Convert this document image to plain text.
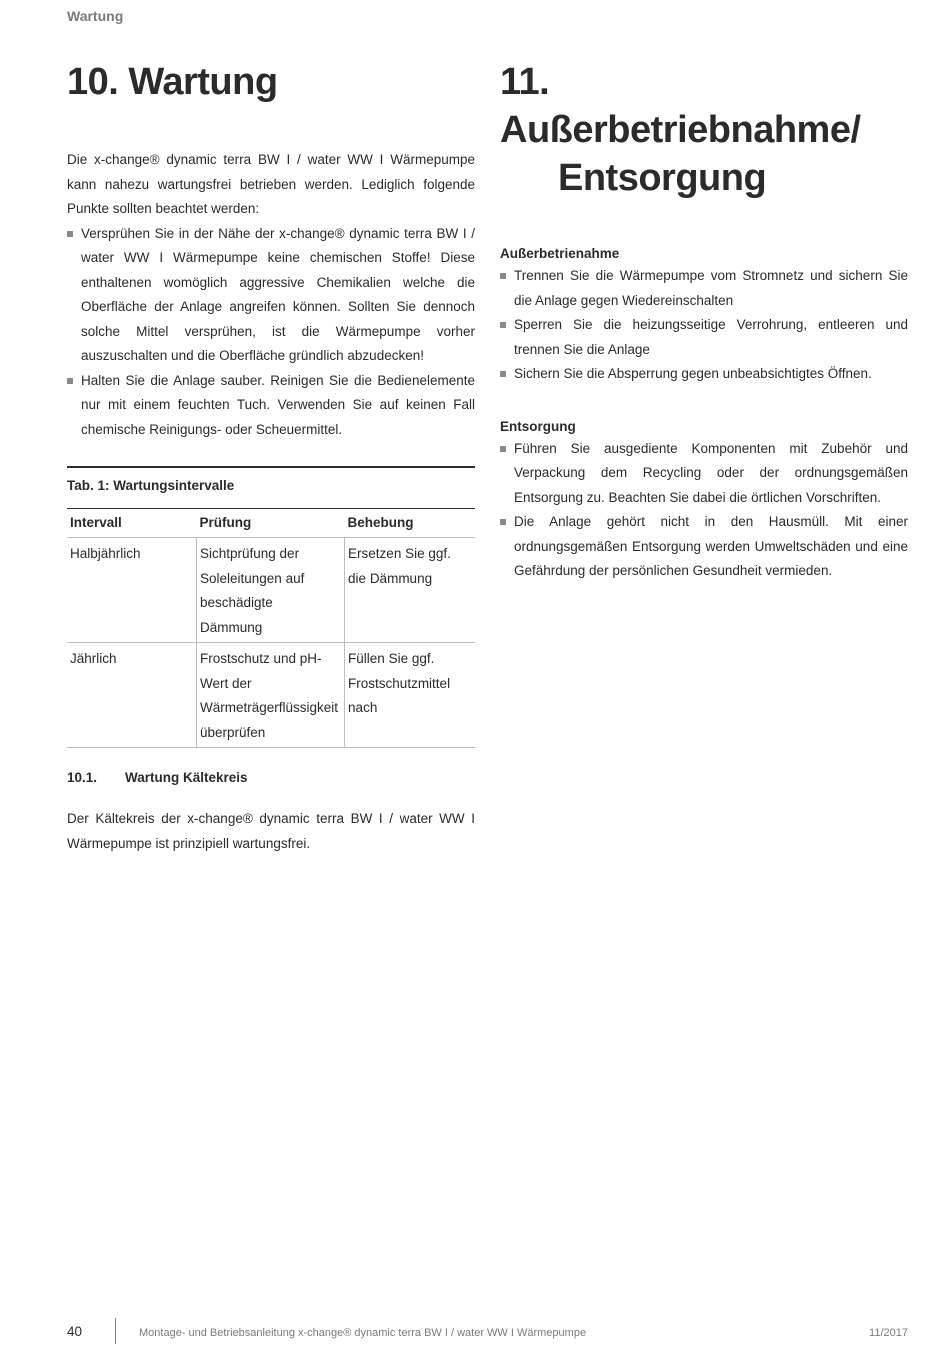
Wartung
10. Wartung

Die x-change® dynamic terra BW I / water WW I Wärmepumpe kann nahezu wartungsfrei betrieben werden. Lediglich folgende Punkte sollten beachtet werden:

Versprühen Sie in der Nähe der x-change® dynamic terra BW I / water WW I Wärmepumpe keine chemischen Stoffe! Diese enthaltenen womöglich aggressive Chemikalien welche die Oberfläche der Anlage angreifen können. Sollten Sie dennoch solche Mittel versprühen, ist die Wärmepumpe vorher auszuschalten und die Oberfläche gründlich abzudecken!
Halten Sie die Anlage sauber. Reinigen Sie die Bedienelemente nur mit einem feuchten Tuch. Verwenden Sie auf keinen Fall chemische Reinigungs- oder Scheuermittel.
Tab. 1: Wartungsintervalle
Intervall	Prüfung	Behebung
Halbjährlich	Sichtprüfung der Soleleitungen auf beschädigte Dämmung	Ersetzen Sie ggf. die Dämmung
Jährlich	Frostschutz und pH-Wert der Wärmeträgerflüssigkeit überprüfen	Füllen Sie ggf. Frostschutzmittel nach
10.1.	Wartung Kältekreis

Der Kältekreis der x-change® dynamic terra BW I / water WW I Wärmepumpe ist prinzipiell wartungsfrei.

11. Außerbetriebnahme/
Entsorgung
Außerbetrienahme
Trennen Sie die Wärmepumpe vom Stromnetz und sichern Sie die Anlage gegen Wiedereinschalten
Sperren Sie die heizungsseitige Verrohrung, entleeren und trennen Sie die Anlage
Sichern Sie die Absperrung gegen unbeabsichtigtes Öffnen.
Entsorgung
Führen Sie ausgediente Komponenten mit Zubehör und Verpackung dem Recycling oder der ordnungsgemäßen Entsorgung zu. Beachten Sie dabei die örtlichen Vorschriften.
Die Anlage gehört nicht in den Hausmüll. Mit einer ordnungsgemäßen Entsorgung werden Umweltschäden und eine Gefährdung der persönlichen Gesundheit vermieden.
40	Montage- und Betriebsanleitung x-change® dynamic terra BW I / water WW I Wärmepumpe	11/2017
